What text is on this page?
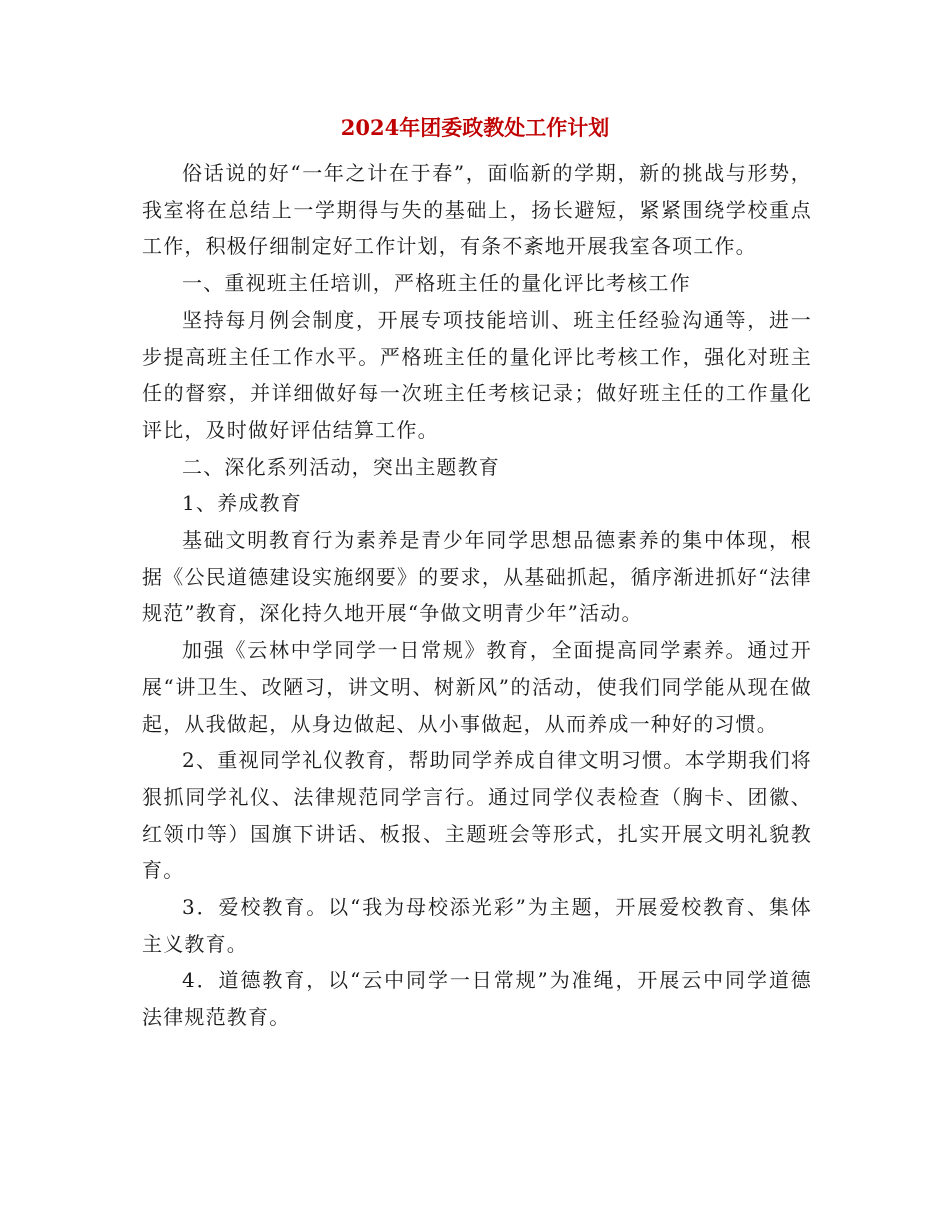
2024年团委政教处工作计划

俗话说的好“一年之计在于春”，面临新的学期，新的挑战与形势，我室将在总结上一学期得与失的基础上，扬长避短，紧紧围绕学校重点工作，积极仔细制定好工作计划，有条不紊地开展我室各项工作。

一、重视班主任培训，严格班主任的量化评比考核工作

坚持每月例会制度，开展专项技能培训、班主任经验沟通等，进一步提高班主任工作水平。严格班主任的量化评比考核工作，强化对班主任的督察，并详细做好每一次班主任考核记录；做好班主任的工作量化评比，及时做好评估结算工作。

二、深化系列活动，突出主题教育

1、养成教育

基础文明教育行为素养是青少年同学思想品德素养的集中体现，根据《公民道德建设实施纲要》的要求，从基础抓起，循序渐进抓好“法律规范”教育，深化持久地开展“争做文明青少年”活动。

加强《云林中学同学一日常规》教育，全面提高同学素养。通过开展“讲卫生、改陋习，讲文明、树新风”的活动，使我们同学能从现在做起，从我做起，从身边做起、从小事做起，从而养成一种好的习惯。

2、重视同学礼仪教育，帮助同学养成自律文明习惯。本学期我们将狠抓同学礼仪、法律规范同学言行。通过同学仪表检查（胸卡、团徽、红领巾等）国旗下讲话、板报、主题班会等形式，扎实开展文明礼貌教育。

3．爱校教育。以“我为母校添光彩”为主题，开展爱校教育、集体主义教育。

4．道德教育，以“云中同学一日常规”为准绳，开展云中同学道德法律规范教育。
